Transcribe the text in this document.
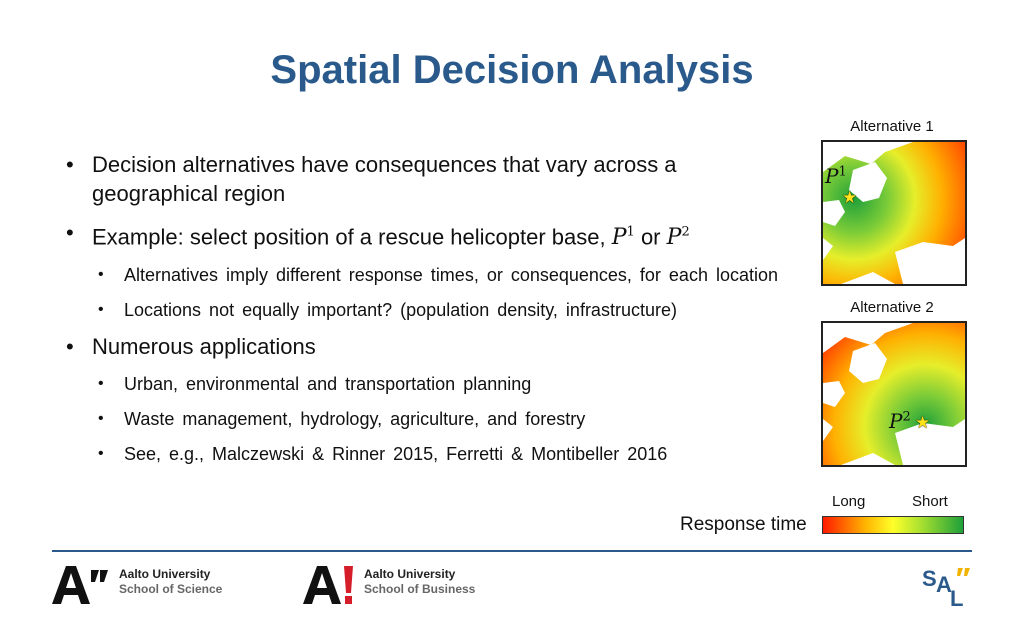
Spatial Decision Analysis
• Decision alternatives have consequences that vary across a geographical region
• Example: select position of a rescue helicopter base, $P^1$ or $P^2$
• Alternatives imply different response times, or consequences, for each location
• Locations not equally important? (population density, infrastructure)
• Numerous applications
• Urban, environmental and transportation planning
• Waste management, hydrology, agriculture, and forestry
• See, e.g., Malczewski & Rinner 2015, Ferretti & Montibeller 2016
Alternative 1
$P^1$
★
Alternative 2
$P^2$ ★
Long	Short
Response time
Aalto University
School of Science
Aalto University
School of Business	S A
L
